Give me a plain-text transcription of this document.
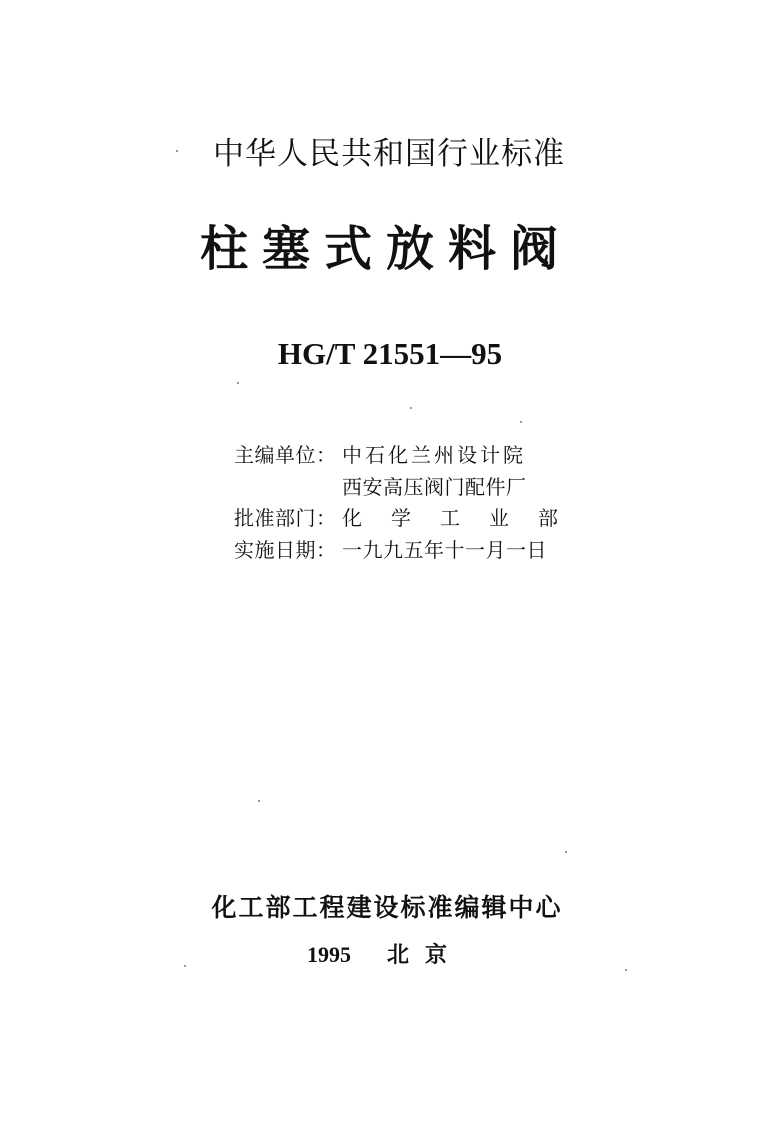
中华人民共和国行业标准
柱塞式放料阀
HG/T 21551—95
主编单位： 中石化兰州设计院
西安高压阀门配件厂
批准部门： 化学工业部
实施日期： 一九九五年十一月一日
化工部工程建设标准编辑中心
1995 北京
